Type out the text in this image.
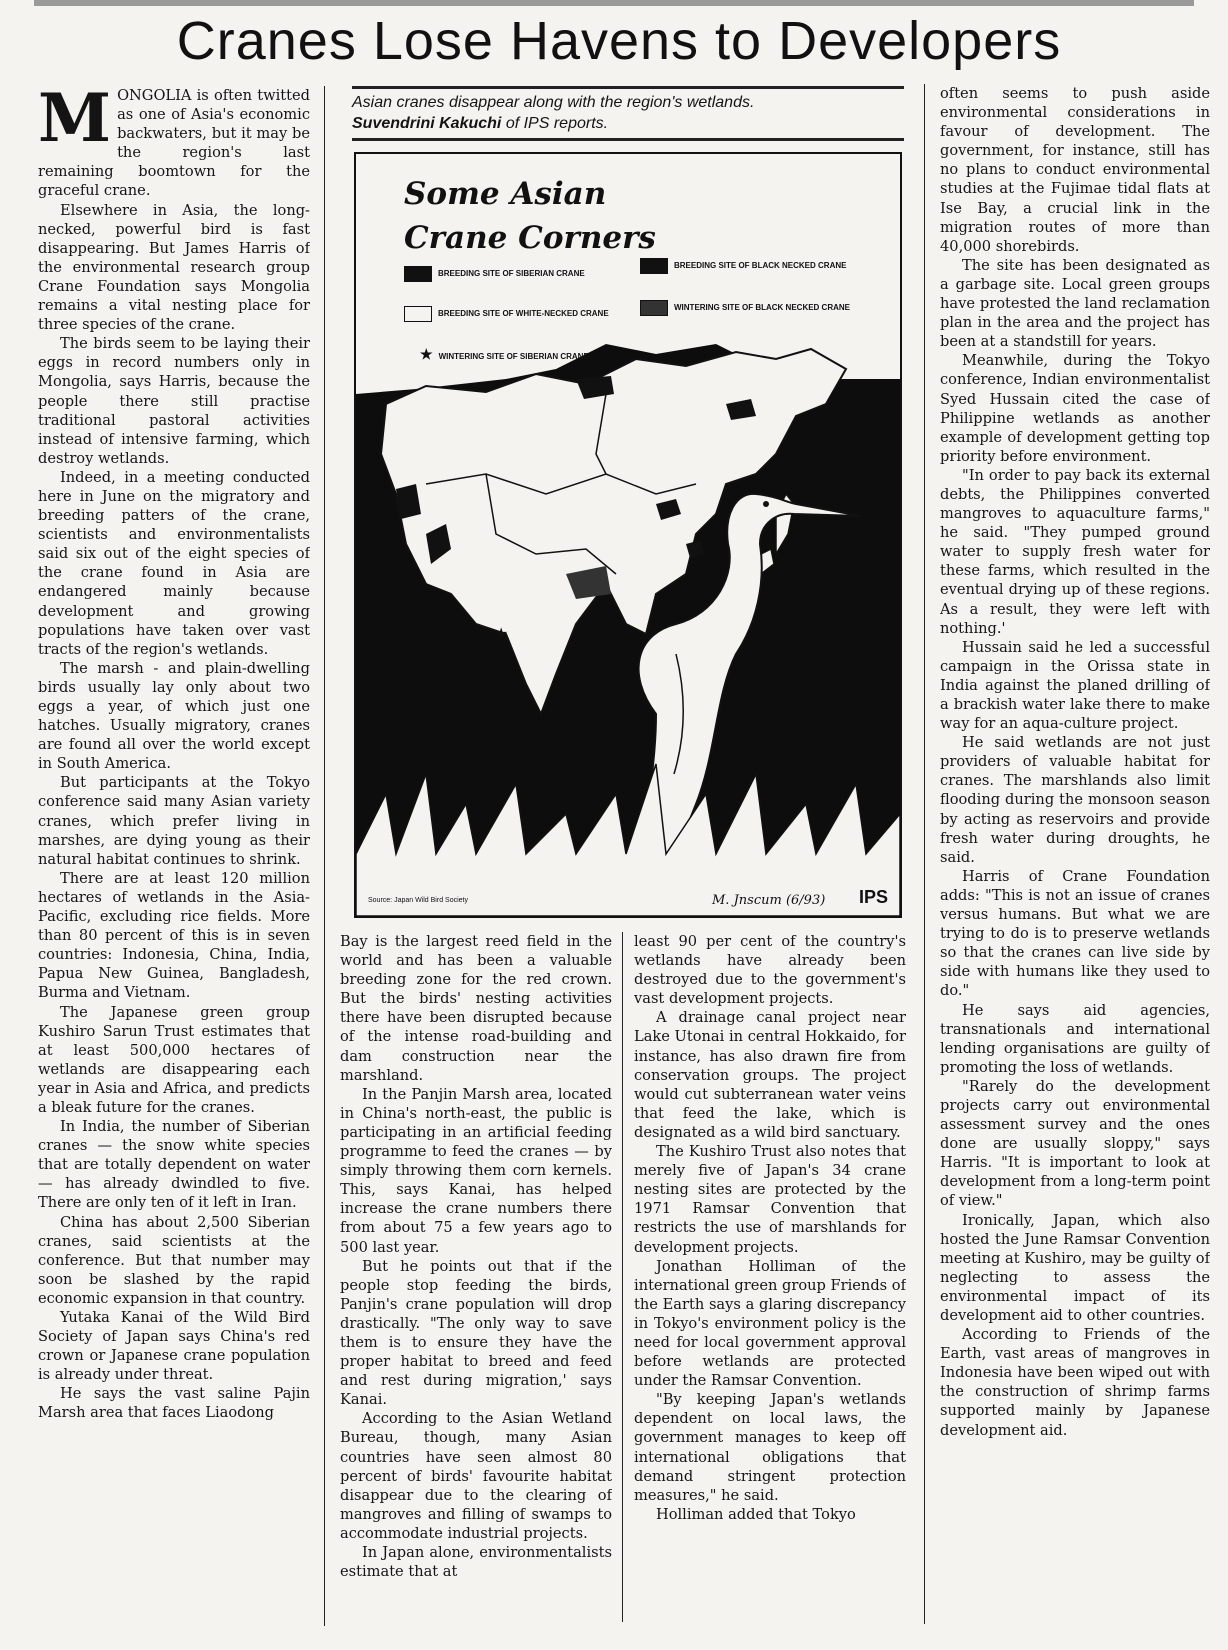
Cranes Lose Havens to Developers
Asian cranes disappear along with the region's wetlands.
Suvendrini Kakuchi of IPS reports.
★
Some Asian
Crane Corners
BREEDING SITE OF SIBERIAN CRANE
BREEDING SITE OF BLACK NECKED CRANE
BREEDING SITE OF WHITE-NECKED CRANE
WINTERING SITE OF BLACK NECKED CRANE
★ WINTERING SITE OF SIBERIAN CRANE
Source: Japan Wild Bird Society	M. Jnscum (6/93) IPS

MONGOLIA is often twitted as one of Asia's economic backwaters, but it may be the region's last remaining boomtown for the graceful crane.

Elsewhere in Asia, the long-necked, powerful bird is fast disappearing. But James Harris of the environmental research group Crane Foundation says Mongolia remains a vital nesting place for three species of the crane.

The birds seem to be laying their eggs in record numbers only in Mongolia, says Harris, because the people there still practise traditional pastoral activities instead of intensive farming, which destroy wetlands.

Indeed, in a meeting conducted here in June on the migratory and breeding patters of the crane, scientists and environmentalists said six out of the eight species of the crane found in Asia are endangered mainly because development and growing populations have taken over vast tracts of the region's wetlands.

The marsh - and plain-dwelling birds usually lay only about two eggs a year, of which just one hatches. Usually migratory, cranes are found all over the world except in South America.

But participants at the Tokyo conference said many Asian variety cranes, which prefer living in marshes, are dying young as their natural habitat continues to shrink.

There are at least 120 million hectares of wetlands in the Asia-Pacific, excluding rice fields. More than 80 percent of this is in seven countries: Indonesia, China, India, Papua New Guinea, Bangladesh, Burma and Vietnam.

The Japanese green group Kushiro Sarun Trust estimates that at least 500,000 hectares of wetlands are disappearing each year in Asia and Africa, and predicts a bleak future for the cranes.

In India, the number of Siberian cranes — the snow white species that are totally dependent on water — has already dwindled to five. There are only ten of it left in Iran.

China has about 2,500 Siberian cranes, said scientists at the conference. But that number may soon be slashed by the rapid economic expansion in that country.

Yutaka Kanai of the Wild Bird Society of Japan says China's red crown or Japanese crane population is already under threat.

He says the vast saline Pajin Marsh area that faces Liaodong

Bay is the largest reed field in the world and has been a valuable breeding zone for the red crown. But the birds' nesting activities there have been disrupted because of the intense road-building and dam construction near the marshland.

In the Panjin Marsh area, located in China's north-east, the public is participating in an artificial feeding programme to feed the cranes — by simply throwing them corn kernels. This, says Kanai, has helped increase the crane numbers there from about 75 a few years ago to 500 last year.

But he points out that if the people stop feeding the birds, Panjin's crane population will drop drastically. "The only way to save them is to ensure they have the proper habitat to breed and feed and rest during migration,' says Kanai.

According to the Asian Wetland Bureau, though, many Asian countries have seen almost 80 percent of birds' favourite habitat disappear due to the clearing of mangroves and filling of swamps to accommodate industrial projects.

In Japan alone, environmentalists estimate that at

least 90 per cent of the country's wetlands have already been destroyed due to the government's vast development projects.

A drainage canal project near Lake Utonai in central Hokkaido, for instance, has also drawn fire from conservation groups. The project would cut subterranean water veins that feed the lake, which is designated as a wild bird sanctuary.

The Kushiro Trust also notes that merely five of Japan's 34 crane nesting sites are protected by the 1971 Ramsar Convention that restricts the use of marshlands for development projects.

Jonathan Holliman of the international green group Friends of the Earth says a glaring discrepancy in Tokyo's environment policy is the need for local government approval before wetlands are protected under the Ramsar Convention.

"By keeping Japan's wetlands dependent on local laws, the government manages to keep off international obligations that demand stringent protection measures," he said.

Holliman added that Tokyo

often seems to push aside environmental considerations in favour of development. The government, for instance, still has no plans to conduct environmental studies at the Fujimae tidal flats at Ise Bay, a crucial link in the migration routes of more than 40,000 shorebirds.

The site has been designated as a garbage site. Local green groups have protested the land reclamation plan in the area and the project has been at a standstill for years.

Meanwhile, during the Tokyo conference, Indian environmentalist Syed Hussain cited the case of Philippine wetlands as another example of development getting top priority before environment.

"In order to pay back its external debts, the Philippines converted mangroves to aquaculture farms," he said. "They pumped ground water to supply fresh water for these farms, which resulted in the eventual drying up of these regions. As a result, they were left with nothing.'

Hussain said he led a successful campaign in the Orissa state in India against the planed drilling of a brackish water lake there to make way for an aqua-culture project.

He said wetlands are not just providers of valuable habitat for cranes. The marshlands also limit flooding during the monsoon season by acting as reservoirs and provide fresh water during droughts, he said.

Harris of Crane Foundation adds: "This is not an issue of cranes versus humans. But what we are trying to do is to preserve wetlands so that the cranes can live side by side with humans like they used to do."

He says aid agencies, transnationals and international lending organisations are guilty of promoting the loss of wetlands.

"Rarely do the development projects carry out environmental assessment survey and the ones done are usually sloppy," says Harris. "It is important to look at development from a long-term point of view."

Ironically, Japan, which also hosted the June Ramsar Convention meeting at Kushiro, may be guilty of neglecting to assess the environmental impact of its development aid to other countries.

According to Friends of the Earth, vast areas of mangroves in Indonesia have been wiped out with the construction of shrimp farms supported mainly by Japanese development aid.
